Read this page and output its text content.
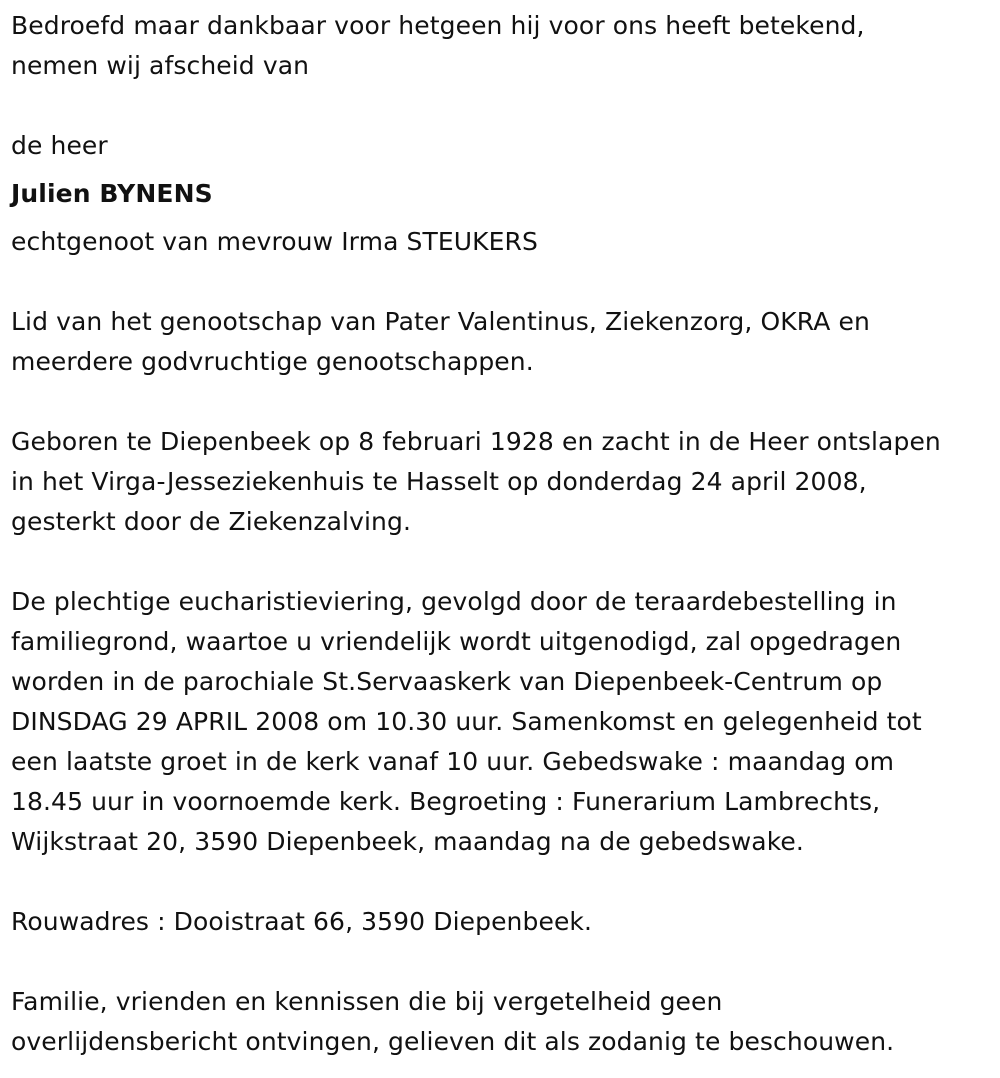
Bedroefd maar dankbaar voor hetgeen hij voor ons heeft betekend,
nemen wij afscheid van
de heer
Julien BYNENS
echtgenoot van mevrouw Irma STEUKERS
Lid van het genootschap van Pater Valentinus, Ziekenzorg, OKRA en
meerdere godvruchtige genootschappen.
Geboren te Diepenbeek op 8 februari 1928 en zacht in de Heer ontslapen
in het Virga-Jesseziekenhuis te Hasselt op donderdag 24 april 2008,
gesterkt door de Ziekenzalving.
De plechtige eucharistieviering, gevolgd door de teraardebestelling in
familiegrond, waartoe u vriendelijk wordt uitgenodigd, zal opgedragen
worden in de parochiale St.Servaaskerk van Diepenbeek-Centrum op
DINSDAG 29 APRIL 2008 om 10.30 uur. Samenkomst en gelegenheid tot
een laatste groet in de kerk vanaf 10 uur. Gebedswake : maandag om
18.45 uur in voornoemde kerk. Begroeting : Funerarium Lambrechts,
Wijkstraat 20, 3590 Diepenbeek, maandag na de gebedswake.
Rouwadres : Dooistraat 66, 3590 Diepenbeek.
Familie, vrienden en kennissen die bij vergetelheid geen
overlijdensbericht ontvingen, gelieven dit als zodanig te beschouwen.
